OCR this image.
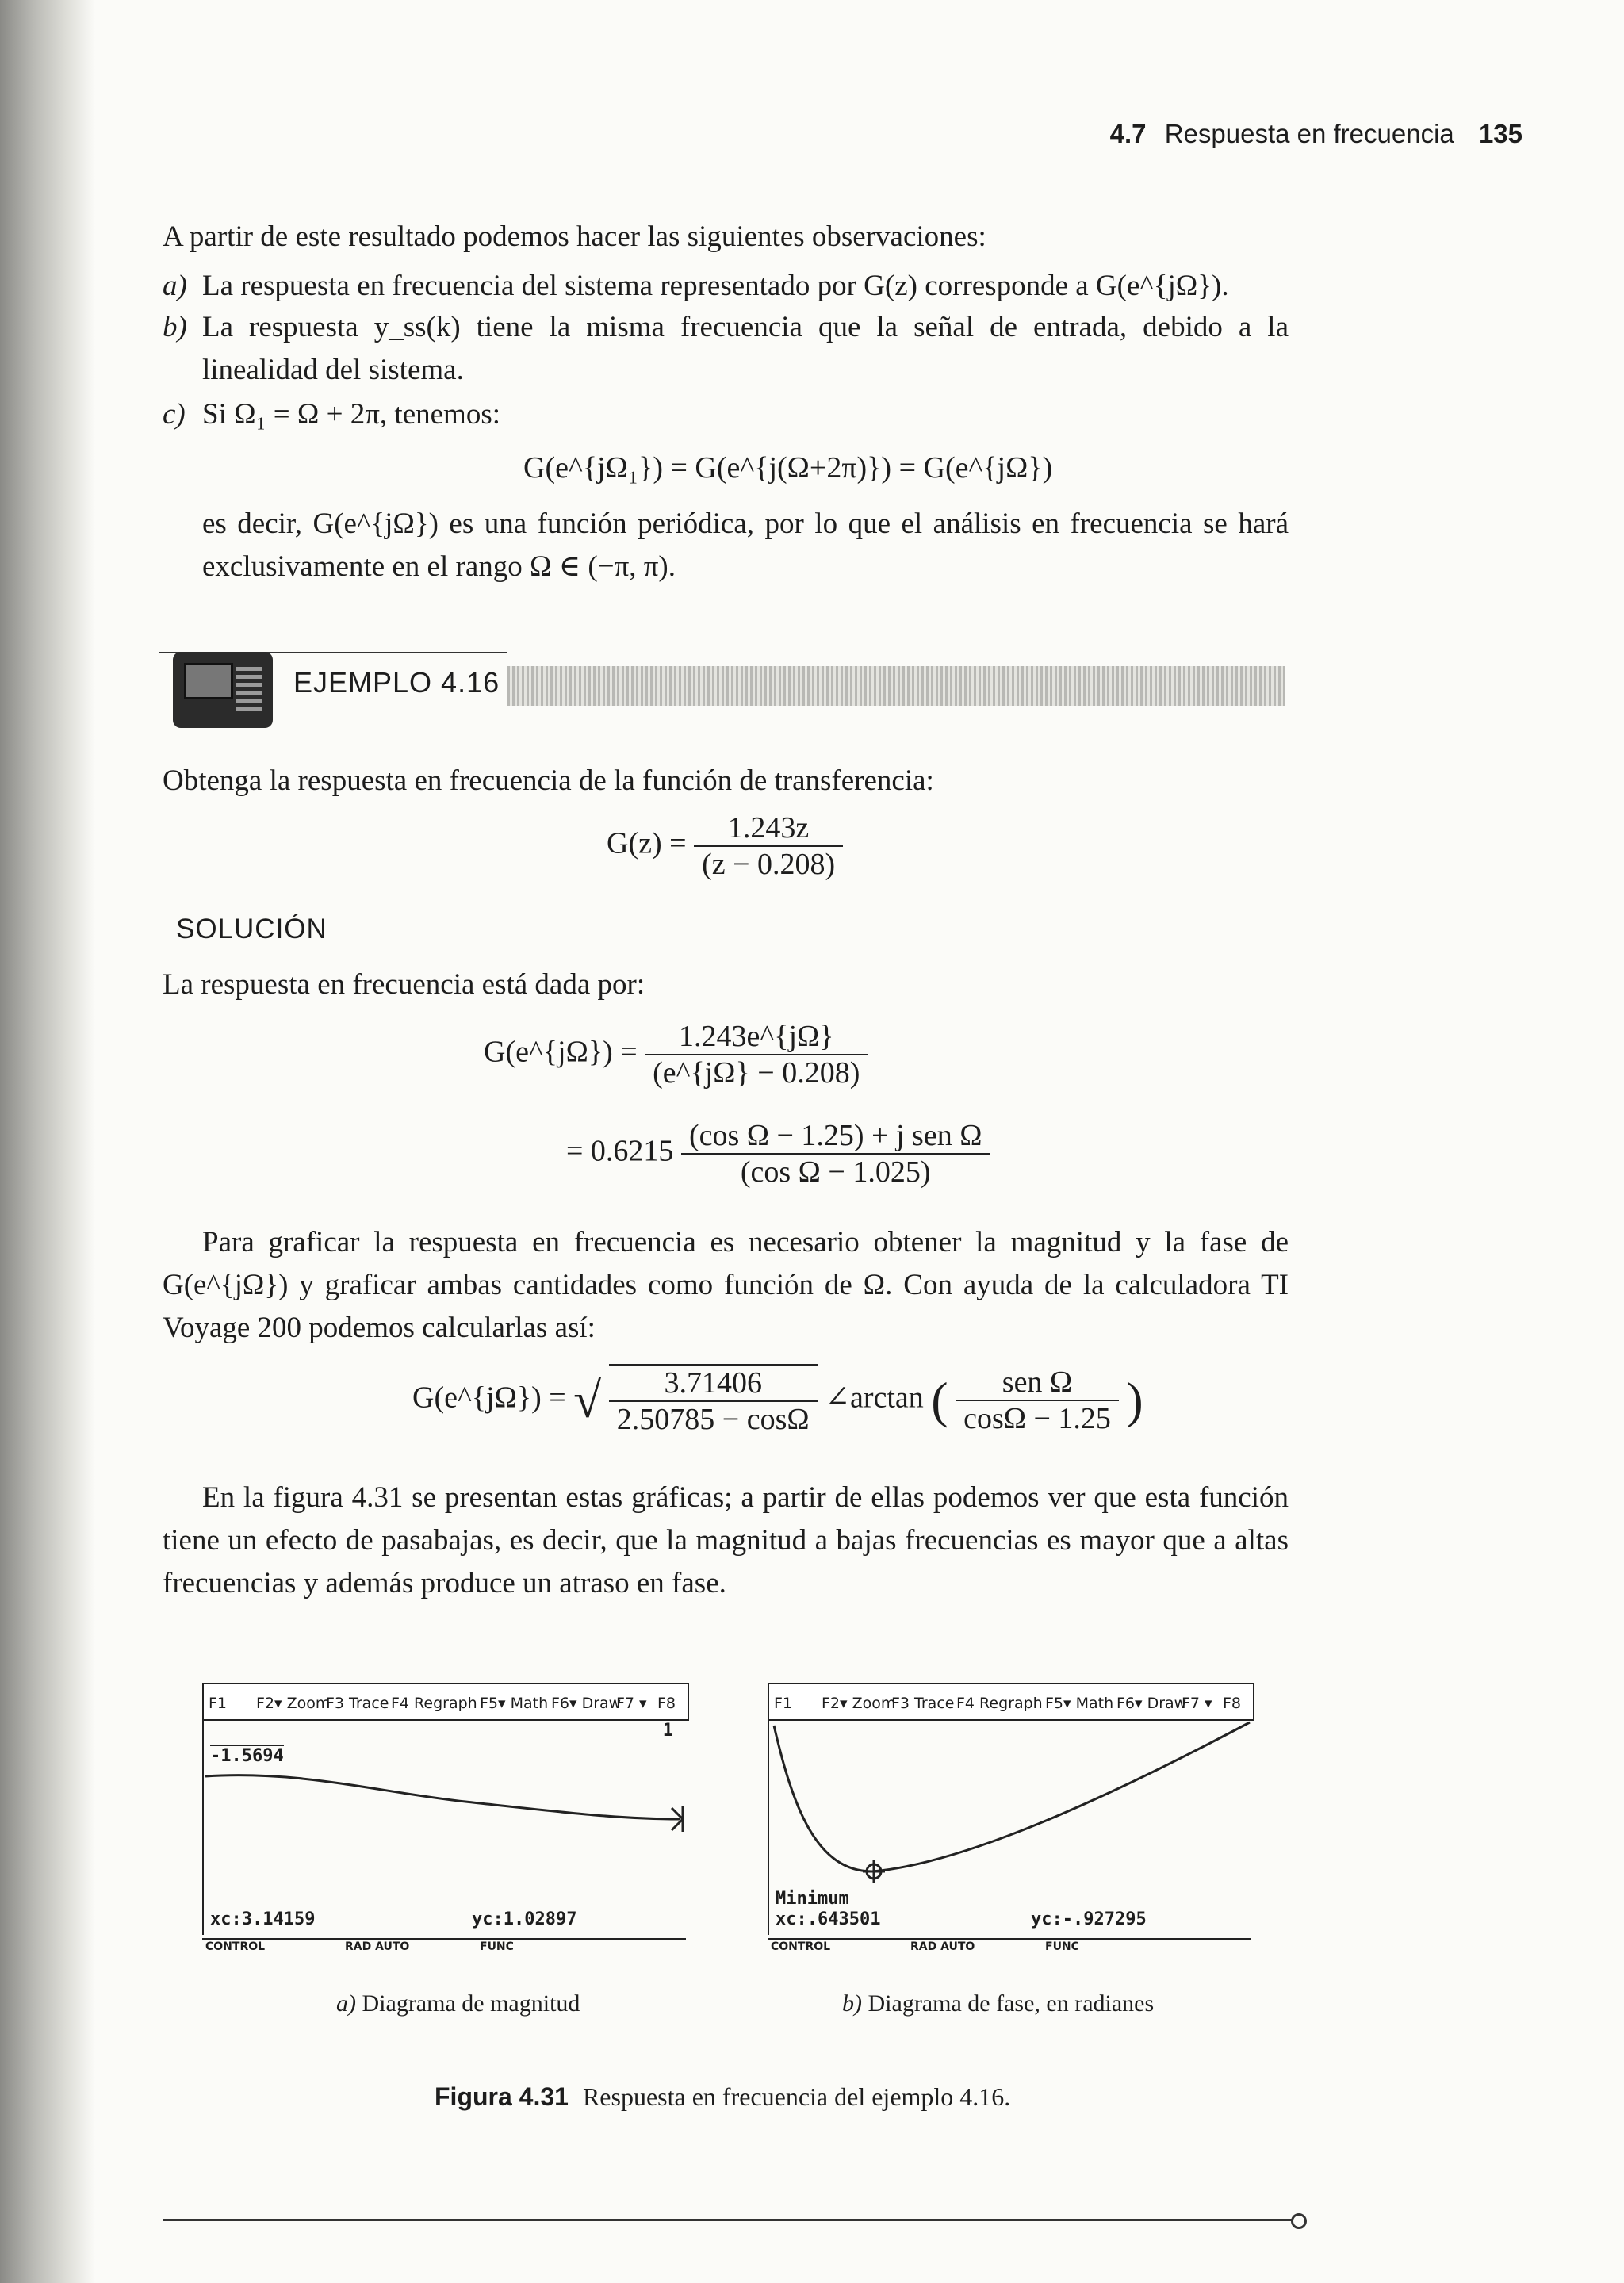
4.7 Respuesta en frecuencia 135
A partir de este resultado podemos hacer las siguientes observaciones:
a) La respuesta en frecuencia del sistema representado por G(z) corresponde a G(e^{jΩ}).
b) La respuesta y_ss(k) tiene la misma frecuencia que la señal de entrada, debido a la linealidad del sistema.
c) Si Ω₁ = Ω + 2π, tenemos:
G(e^{jΩ₁}) = G(e^{j(Ω+2π)}) = G(e^{jΩ})
es decir, G(e^{jΩ}) es una función periódica, por lo que el análisis en frecuencia se hará exclusivamente en el rango Ω ∈ (−π, π).
EJEMPLO 4.16
Obtenga la respuesta en frecuencia de la función de transferencia:
$G(z) = \frac{1.243z}{(z - 0.208)}$
SOLUCIÓN
La respuesta en frecuencia está dada por:
G(e^{jΩ}) = $\frac{1.243e\^{}\{j\Omega\}}{(e\^{}\{j\Omega\} - 0.208)}$
= $0.6215 \frac{\text{(cos Ω − 1.25) + j sen Ω}}{\text{(cos Ω − 1.025)}}$
Para graficar la respuesta en frecuencia es necesario obtener la magnitud y la fase de G(e^{jΩ}) y graficar ambas cantidades como función de Ω. Con ayuda de la calculadora TI Voyage 200 podemos calcularlas así:
G(e^{jΩ}) = √ $\frac{3.71406}{2.50785 - \cos\Omega}$ ∠arctan ( $\frac{\text{sen Ω}}{\cos\Omega - 1.25}$ )
En la figura 4.31 se presentan estas gráficas; a partir de ellas podemos ver que esta función tiene un efecto de pasabajas, es decir, que la magnitud a bajas frecuencias es mayor que a altas frecuencias y además produce un atraso en fase.
F1 F2▾ Zoom
F3 Trace F4 Regraph F5▾ Math F6▾ Draw
F7 ▾ F8
1
-1.5694
xc:3.14159	yc:1.02897
CONTROL	RAD AUTO	FUNC
F1 F2▾ Zoom
F3 Trace F4 Regraph F5▾ Math F6▾ Draw
F7 ▾ F8
Minimum
xc:.643501	yc:-.927295
CONTROL	RAD AUTO	FUNC
a) Diagrama de magnitud	b) Diagrama de fase, en radianes
Figura 4.31 Respuesta en frecuencia del ejemplo 4.16.
